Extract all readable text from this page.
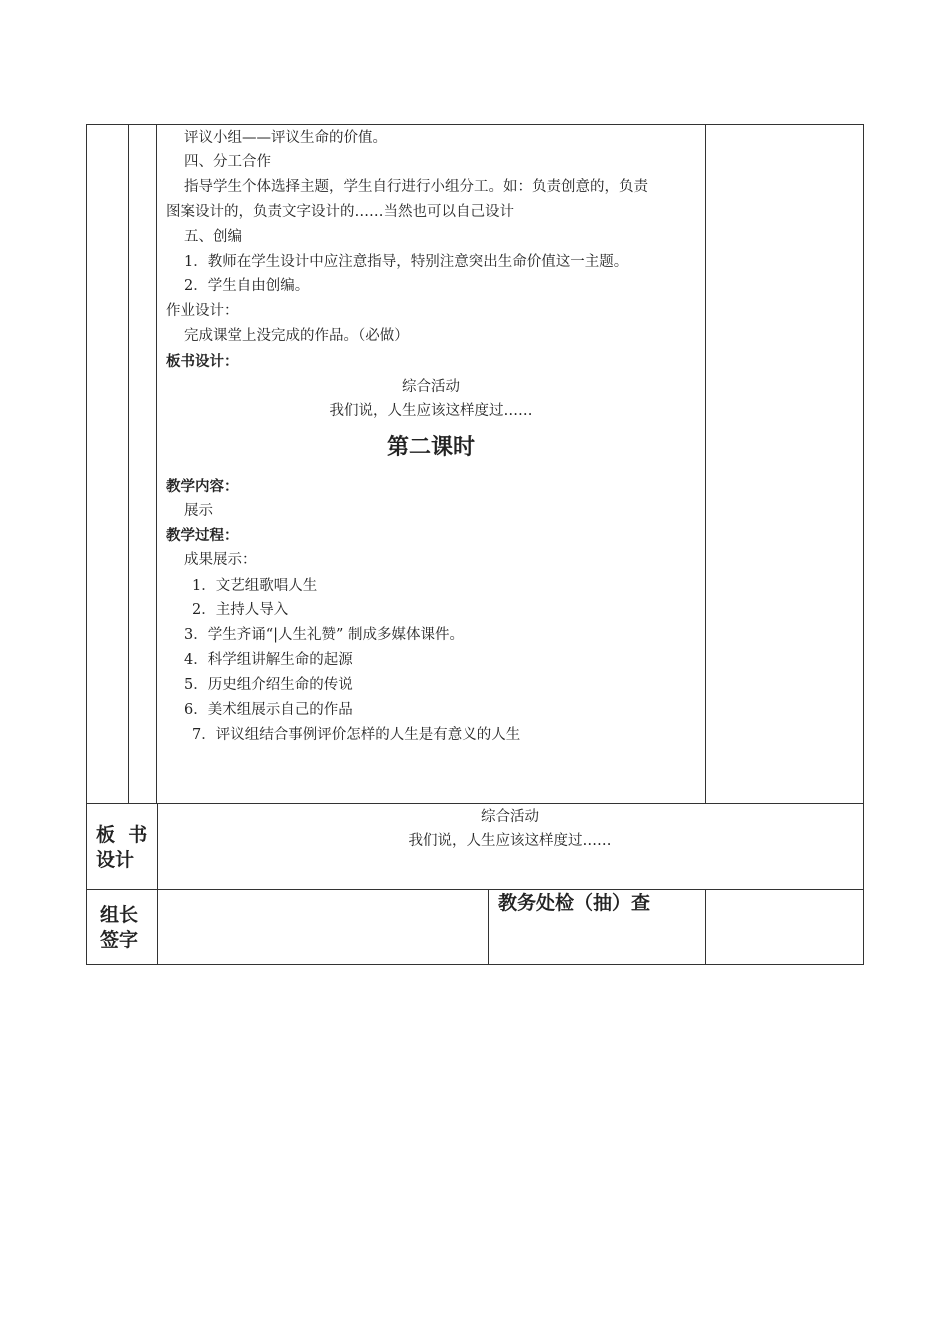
评议小组——评议生命的价值。
四、分工合作
指导学生个体选择主题，学生自行进行小组分工。如：负责创意的，负责
图案设计的，负责文字设计的……当然也可以自己设计
五、创编
1．教师在学生设计中应注意指导，特别注意突出生命价值这一主题。
2．学生自由创编。
作业设计：
完成课堂上没完成的作品。（必做）
板书设计：
综合活动
我们说，人生应该这样度过……
第二课时
教学内容：
展示
教学过程：
成果展示：
1．文艺组歌唱人生
2．主持人导入
3．学生齐诵“|人生礼赞” 制成多媒体课件。
4．科学组讲解生命的起源
5．历史组介绍生命的传说
6．美术组展示自己的作品
7．评议组结合事例评价怎样的人生是有意义的人生
板  书
设计
综合活动
我们说，人生应该这样度过……
组长
签字
教务处检（抽）查
